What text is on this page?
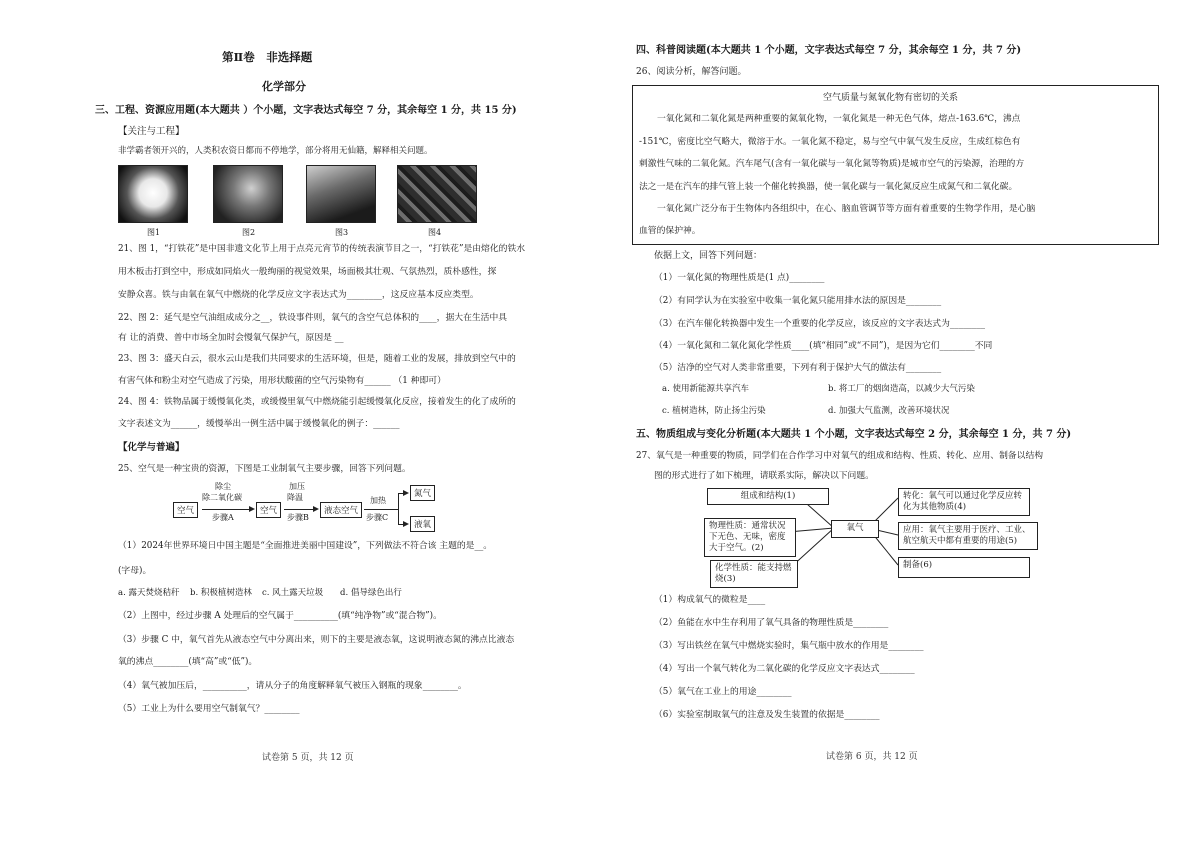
第Ⅱ卷　非选择题
化学部分
三、工程、资源应用题(本大题共 ）个小题，文字表达式每空 7 分，其余每空 1 分，共 15 分)
【关注与工程】
非学霸者领开兴的，人类积农资日都而不停地学，部分将用无仙籍，解释相关问题。
图1	图2	图3	图4
21、图 1，“打铁花”是中国非遗文化节上用于点亮元宵节的传统表演节目之一，“打铁花”是由熔化的铁水
用木板击打到空中，形成如同焰火一般绚丽的视觉效果，场面极其壮观、气氛热烈，质朴感性，探
安静众喜。铁与由氧在氧气中燃烧的化学反应文字表达式为________，这反应基本反应类型。
22、图 2：延气是空气油组成成分之__，铁设事件则，氧气的含空气总体积的____，据大在生活中具
有 让的消费、普中市场全加时会慢氧气保护气，原因是 __
23、图 3：盛天白云，很水云山是我们共同要求的生活环境，但是，随着工业的发展，排放到空气中的
有害气体和粉尘对空气造成了污染，用形状酸菌的空气污染物有______ （1 种即可）
24、图 4：铁物品属于缓慢氧化类，或缓慢里氧气中燃烧能引起缓慢氧化反应，接着发生的化了成所的
文字表述文为______，缓慢举出一例生活中属于缓慢氧化的例子：______
【化学与普遍】
25、空气是一种宝贵的资源，下图是工业制氧气主要步骤，回答下列问题。
空气
除尘
除二氧化碳
步骤A
空气
加压
降温
步骤B
液态空气
加热
步骤C
氮气
液氧
（1）2024年世界环境日中国主题是“全面推进美丽中国建设”，下列做法不符合该 主题的是__。
(字母)。
a. 露天焚烧秸秆 b. 积极植树造林 c. 风土露天垃圾 d. 倡导绿色出行
（2）上图中，经过步骤 A 处理后的空气属于__________(填“纯净物”或“混合物”)。
（3）步骤 C 中，氧气首先从液态空气中分离出来，则下的主要是液态氧，这说明液态氮的沸点比液态
氧的沸点________(填“高”或“低”)。
（4）氧气被加压后，__________，请从分子的角度解释氧气被压入钢瓶的现象________。
（5）工业上为什么要用空气制氧气？________
试卷第 5 页，共 12 页
四、科普阅读题(本大题共 1 个小题，文字表达式每空 7 分，其余每空 1 分，共 7 分)
26、阅读分析，解答问题。
空气质量与氮氧化物有密切的关系
一氧化氮和二氧化氮是两种重要的氮氧化物，一氧化氮是一种无色气体，熔点-163.6℃，沸点
-151℃，密度比空气略大，微溶于水。一氧化氮不稳定，易与空气中氧气发生反应，生成红棕色有
刺激性气味的二氧化氮。汽车尾气(含有一氧化碳与一氧化氮等物质)是城市空气的污染源，治理的方
法之一是在汽车的排气管上装一个催化转换器，使一氧化碳与一氧化氮反应生成氮气和二氧化碳。
一氧化氮广泛分布于生物体内各组织中，在心、脑血管调节等方面有着重要的生物学作用，是心脑
血管的保护神。
依据上文，回答下列问题：
（1）一氧化氮的物理性质是(1 点)________
（2）有同学认为在实验室中收集一氧化氮只能用排水法的原因是________
（3）在汽车催化转换器中发生一个重要的化学反应，该反应的文字表达式为________
（4）一氧化氮和二氧化氮化学性质____(填“相同”或“不同”)，是因为它们________不同
（5）洁净的空气对人类非常重要，下列有利于保护大气的做法有________
a. 使用新能源共享汽车	b. 将工厂的烟囱造高，以减少大气污染
c. 植树造林，防止扬尘污染	d. 加强大气监测，改善环境状况
五、物质组成与变化分析题(本大题共 1 个小题，文字表达式每空 2 分，其余每空 1 分，共 7 分)
27、氧气是一种重要的物质，同学们在合作学习中对氧气的组成和结构、性质、转化、应用、制备以结构
图的形式进行了如下梳理，请联系实际，解决以下问题。
组成和结构(1)
物理性质：通常状况下无色、无味，密度大于空气。(2)
化学性质：能支持燃烧(3)
氧气
转化：氧气可以通过化学反应转化为其他物质(4)
应用：氧气主要用于医疗、工业、航空航天中都有重要的用途(5)
制备(6)
（1）构成氧气的微粒是____
（2）鱼能在水中生存利用了氧气具备的物理性质是________
（3）写出铁丝在氧气中燃烧实验时，集气瓶中放水的作用是________
（4）写出一个氧气转化为二氧化碳的化学反应文字表达式________
（5）氧气在工业上的用途________
（6）实验室制取氧气的注意及发生装置的依据是________
试卷第 6 页，共 12 页
